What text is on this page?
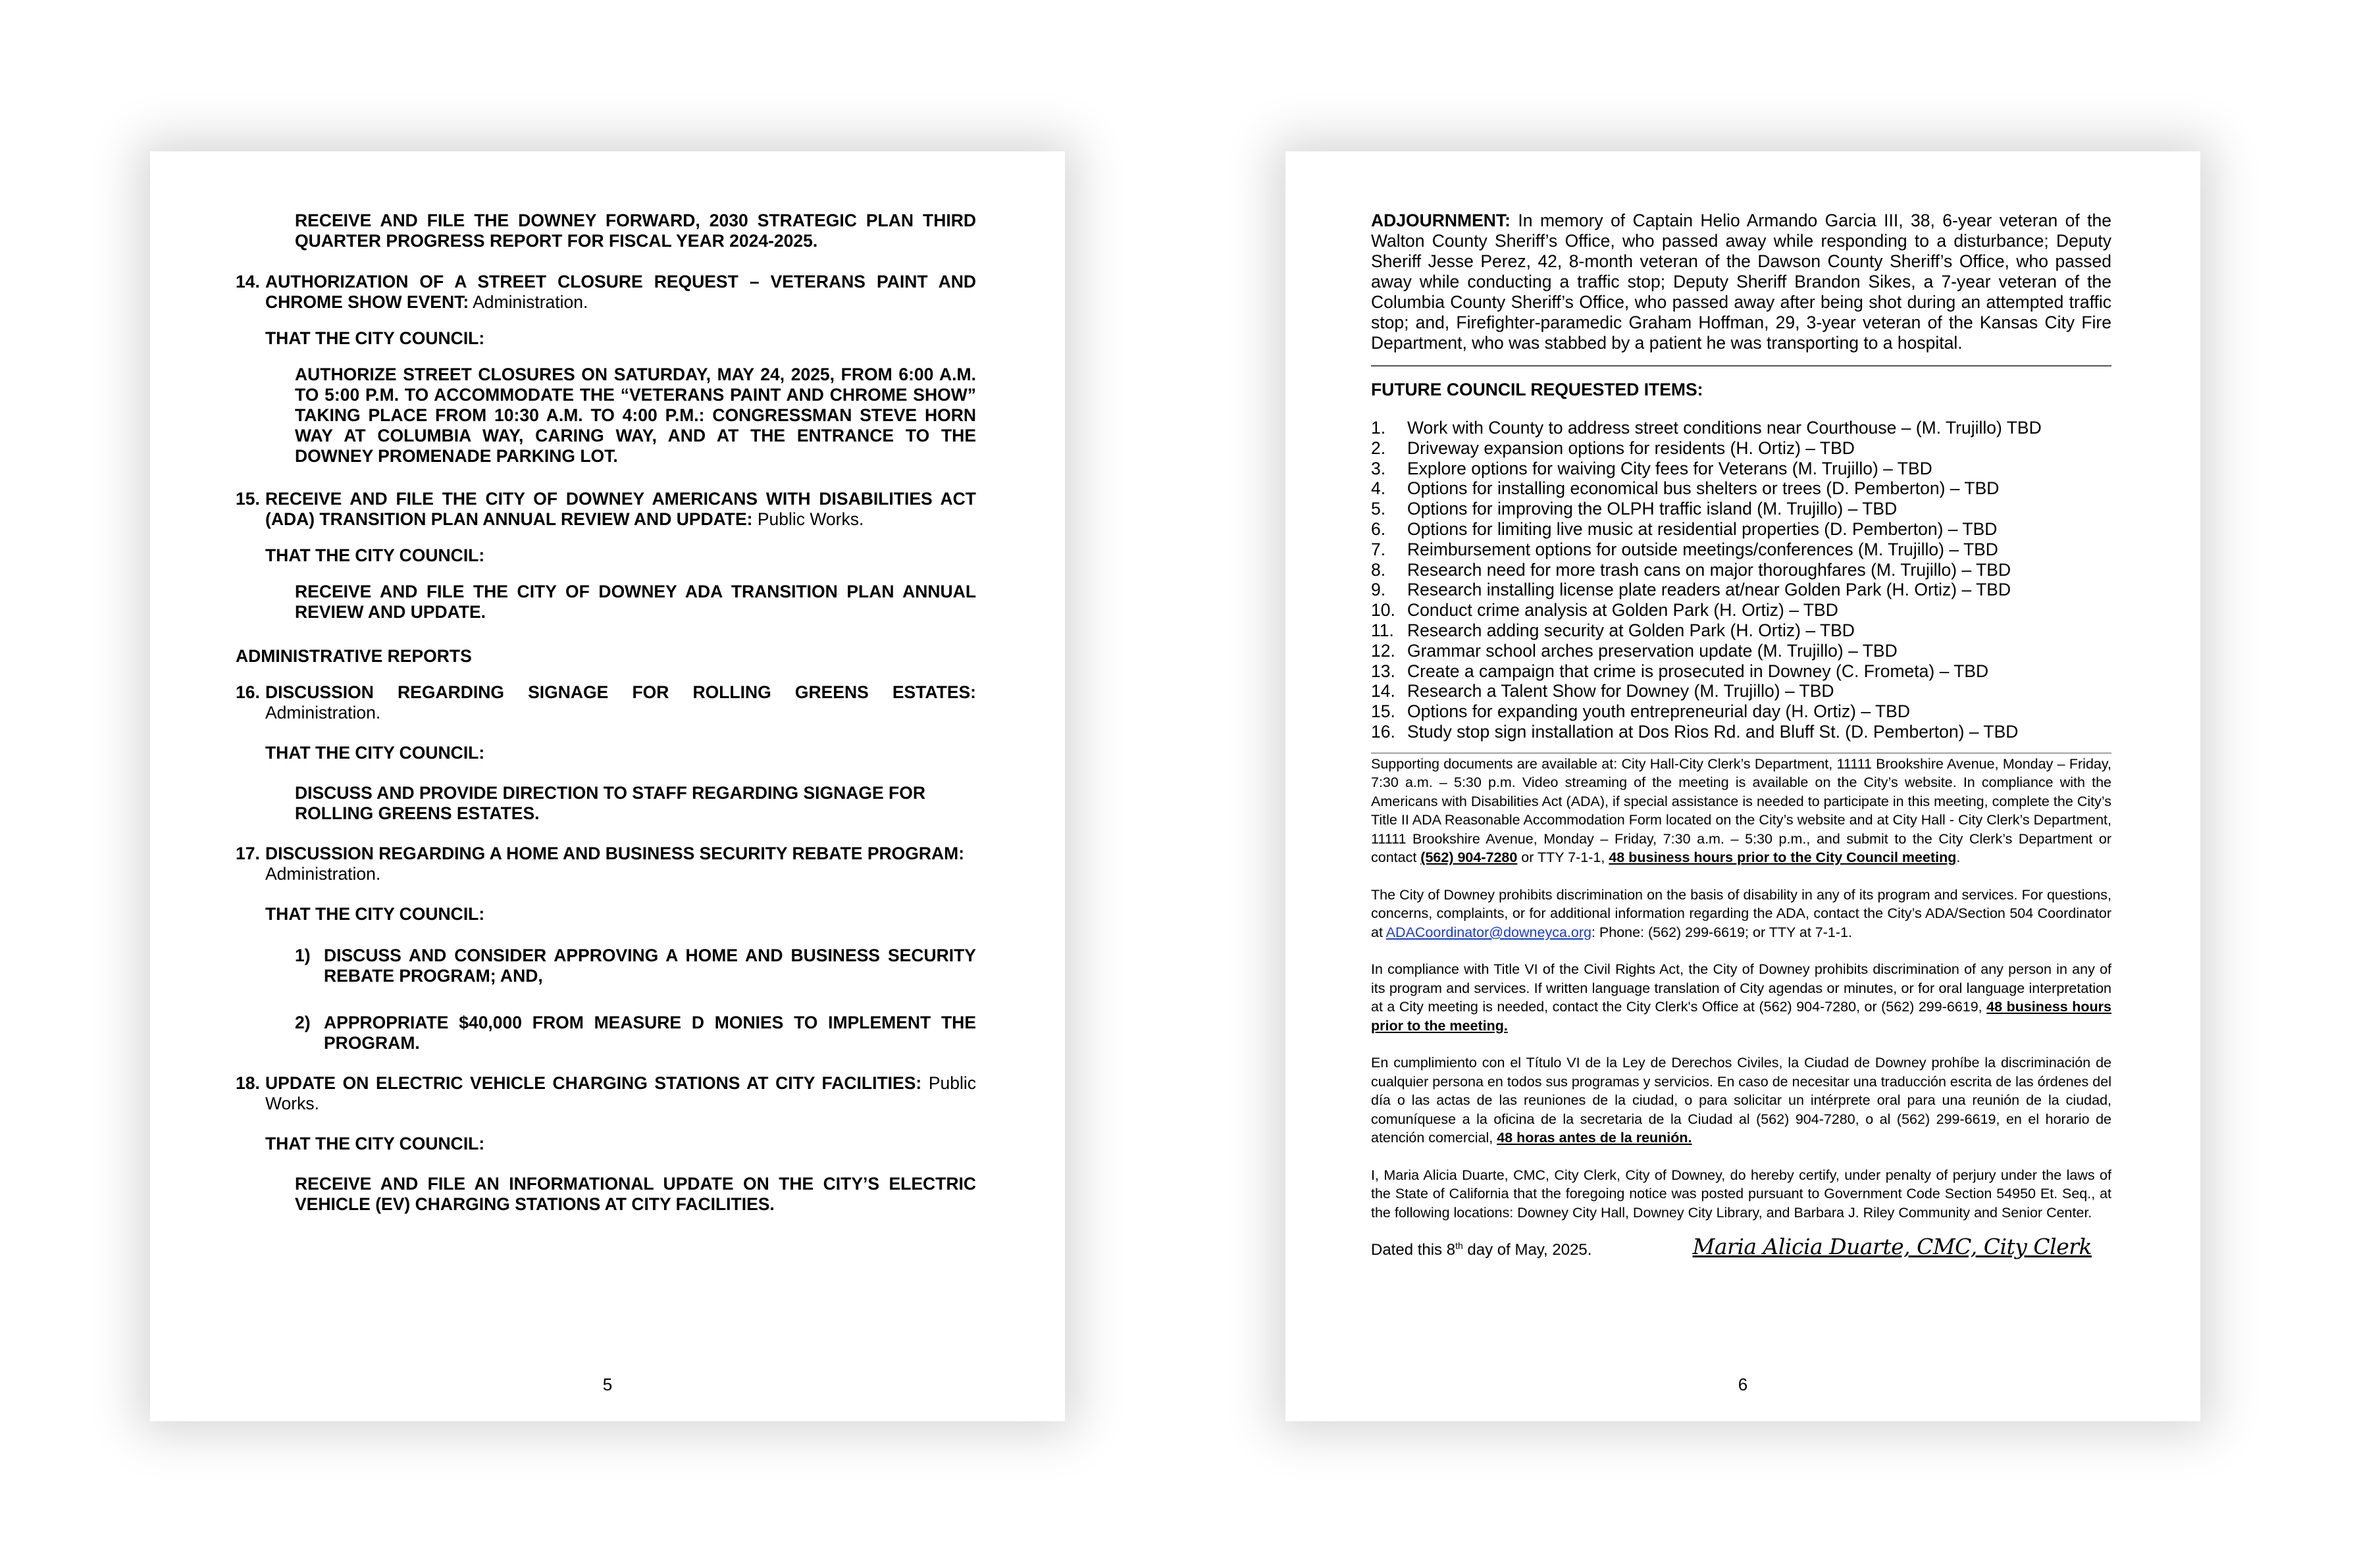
RECEIVE AND FILE THE DOWNEY FORWARD, 2030 STRATEGIC PLAN THIRD QUARTER PROGRESS REPORT FOR FISCAL YEAR 2024-2025.

14. AUTHORIZATION OF A STREET CLOSURE REQUEST – VETERANS PAINT AND CHROME SHOW EVENT: Administration.

THAT THE CITY COUNCIL:

AUTHORIZE STREET CLOSURES ON SATURDAY, MAY 24, 2025, FROM 6:00 A.M. TO 5:00 P.M. TO ACCOMMODATE THE “VETERANS PAINT AND CHROME SHOW” TAKING PLACE FROM 10:30 A.M. TO 4:00 P.M.: CONGRESSMAN STEVE HORN WAY AT COLUMBIA WAY, CARING WAY, AND AT THE ENTRANCE TO THE DOWNEY PROMENADE PARKING LOT.

15. RECEIVE AND FILE THE CITY OF DOWNEY AMERICANS WITH DISABILITIES ACT (ADA) TRANSITION PLAN ANNUAL REVIEW AND UPDATE: Public Works.

THAT THE CITY COUNCIL:

RECEIVE AND FILE THE CITY OF DOWNEY ADA TRANSITION PLAN ANNUAL REVIEW AND UPDATE.

ADMINISTRATIVE REPORTS

16. DISCUSSION REGARDING SIGNAGE FOR ROLLING GREENS ESTATES: Administration.

THAT THE CITY COUNCIL:

DISCUSS AND PROVIDE DIRECTION TO STAFF REGARDING SIGNAGE FOR ROLLING GREENS ESTATES.

17. DISCUSSION REGARDING A HOME AND BUSINESS SECURITY REBATE PROGRAM:
Administration.

THAT THE CITY COUNCIL:

1) DISCUSS AND CONSIDER APPROVING A HOME AND BUSINESS SECURITY REBATE PROGRAM; AND,
2) APPROPRIATE $40,000 FROM MEASURE D MONIES TO IMPLEMENT THE PROGRAM.
18. UPDATE ON ELECTRIC VEHICLE CHARGING STATIONS AT CITY FACILITIES: Public Works.

THAT THE CITY COUNCIL:

RECEIVE AND FILE AN INFORMATIONAL UPDATE ON THE CITY’S ELECTRIC VEHICLE (EV) CHARGING STATIONS AT CITY FACILITIES.

5
ADJOURNMENT: In memory of Captain Helio Armando Garcia III, 38, 6-year veteran of the Walton County Sheriff’s Office, who passed away while responding to a disturbance; Deputy Sheriff Jesse Perez, 42, 8-month veteran of the Dawson County Sheriff’s Office, who passed away while conducting a traffic stop; Deputy Sheriff Brandon Sikes, a 7-year veteran of the Columbia County Sheriff’s Office, who passed away after being shot during an attempted traffic stop; and, Firefighter-paramedic Graham Hoffman, 29, 3-year veteran of the Kansas City Fire Department, who was stabbed by a patient he was transporting to a hospital.

FUTURE COUNCIL REQUESTED ITEMS:

1.	Work with County to address street conditions near Courthouse – (M. Trujillo) TBD
2.	Driveway expansion options for residents (H. Ortiz) – TBD
3.	Explore options for waiving City fees for Veterans (M. Trujillo) – TBD
4.	Options for installing economical bus shelters or trees (D. Pemberton) – TBD
5.	Options for improving the OLPH traffic island (M. Trujillo) – TBD
6.	Options for limiting live music at residential properties (D. Pemberton) – TBD
7.	Reimbursement options for outside meetings/conferences (M. Trujillo) – TBD
8.	Research need for more trash cans on major thoroughfares (M. Trujillo) – TBD
9.	Research installing license plate readers at/near Golden Park (H. Ortiz) – TBD
10. Conduct crime analysis at Golden Park (H. Ortiz) – TBD
11. Research adding security at Golden Park (H. Ortiz) – TBD
12. Grammar school arches preservation update (M. Trujillo) – TBD
13. Create a campaign that crime is prosecuted in Downey (C. Frometa) – TBD
14. Research a Talent Show for Downey (M. Trujillo) – TBD
15. Options for expanding youth entrepreneurial day (H. Ortiz) – TBD
16. Study stop sign installation at Dos Rios Rd. and Bluff St. (D. Pemberton) – TBD

Supporting documents are available at: City Hall-City Clerk’s Department, 11111 Brookshire Avenue, Monday – Friday, 7:30 a.m. – 5:30 p.m. Video streaming of the meeting is available on the City’s website. In compliance with the Americans with Disabilities Act (ADA), if special assistance is needed to participate in this meeting, complete the City’s Title II ADA Reasonable Accommodation Form located on the City’s website and at City Hall - City Clerk’s Department, 11111 Brookshire Avenue, Monday – Friday, 7:30 a.m. – 5:30 p.m., and submit to the City Clerk’s Department or contact (562) 904-7280 or TTY 7-1-1, 48 business hours prior to the City Council meeting.

The City of Downey prohibits discrimination on the basis of disability in any of its program and services. For questions, concerns, complaints, or for additional information regarding the ADA, contact the City’s ADA/Section 504 Coordinator at ADACoordinator@downeyca.org: Phone: (562) 299-6619; or TTY at 7-1-1.

In compliance with Title VI of the Civil Rights Act, the City of Downey prohibits discrimination of any person in any of its program and services. If written language translation of City agendas or minutes, or for oral language interpretation at a City meeting is needed, contact the City Clerk's Office at (562) 904-7280, or (562) 299-6619, 48 business hours prior to the meeting.

En cumplimiento con el Título VI de la Ley de Derechos Civiles, la Ciudad de Downey prohíbe la discriminación de cualquier persona en todos sus programas y servicios. En caso de necesitar una traducción escrita de las órdenes del día o las actas de las reuniones de la ciudad, o para solicitar un intérprete oral para una reunión de la ciudad, comuníquese a la oficina de la secretaria de la Ciudad al (562) 904-7280, o al (562) 299-6619, en el horario de atención comercial, 48 horas antes de la reunión.

I, Maria Alicia Duarte, CMC, City Clerk, City of Downey, do hereby certify, under penalty of perjury under the laws of the State of California that the foregoing notice was posted pursuant to Government Code Section 54950 Et. Seq., at the following locations: Downey City Hall, Downey City Library, and Barbara J. Riley Community and Senior Center.

Dated this 8th day of May, 2025.	Maria Alicia Duarte, CMC, City Clerk
6
